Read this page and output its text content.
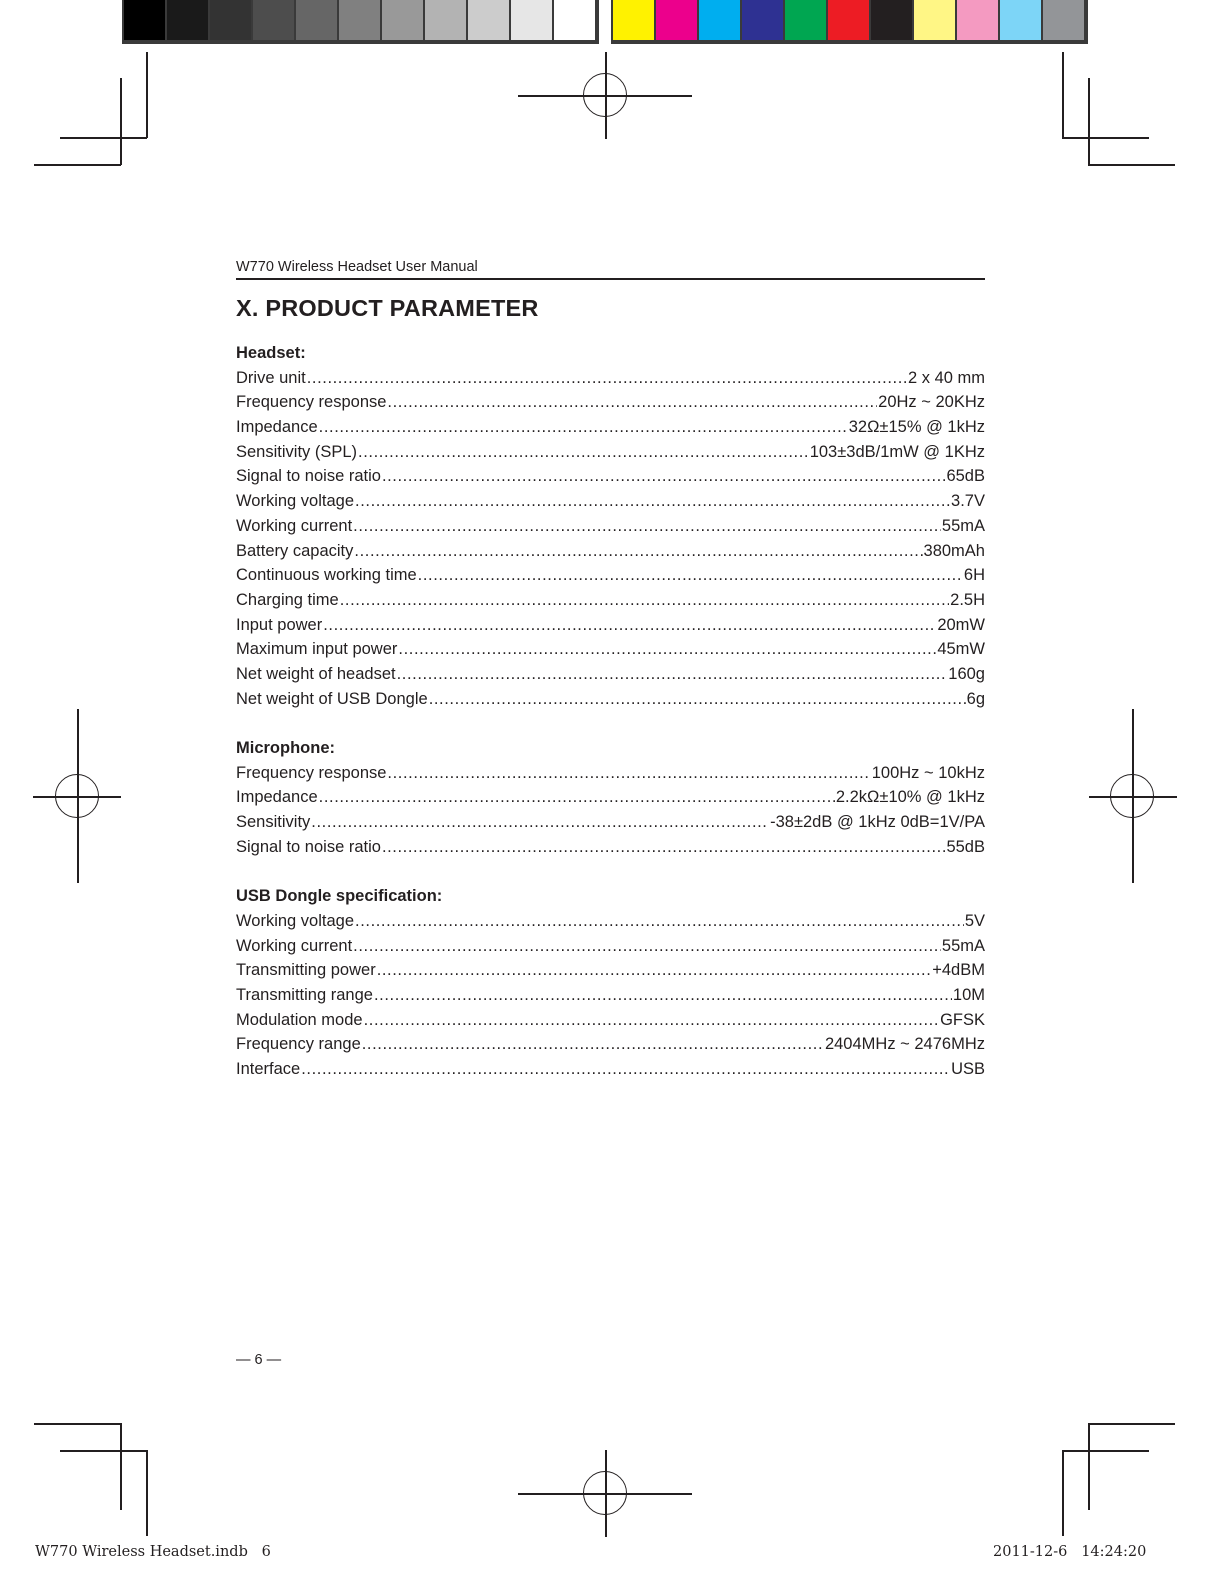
W770 Wireless Headset User Manual
X. PRODUCT PARAMETER
Headset:
Drive unit .....	2 x 40 mm
Frequency response .....	20Hz ~ 20KHz
Impedance .....	32Ω±15% @ 1kHz
Sensitivity (SPL) .....	103±3dB/1mW @ 1KHz
Signal to noise ratio .....	65dB
Working voltage .....	3.7V
Working current .....	55mA
Battery capacity .....	380mAh
Continuous working time .....	6H
Charging time .....	2.5H
Input power .....	20mW
Maximum input power .....	45mW
Net weight of headset .....	160g
Net weight of USB Dongle .....	6g
Microphone:
Frequency response .....	100Hz ~ 10kHz
Impedance .....	2.2kΩ±10% @ 1kHz
Sensitivity .....	-38±2dB @ 1kHz 0dB=1V/PA
Signal to noise ratio .....	55dB
USB Dongle specification:
Working voltage .....	5V
Working current .....	55mA
Transmitting power .....	+4dBM
Transmitting range .....	10M
Modulation mode .....	GFSK
Frequency range .....	2404MHz ~ 2476MHz
Interface .....	USB
— 6 —
W770 Wireless Headset.indb   6	2011-12-6   14:24:20
